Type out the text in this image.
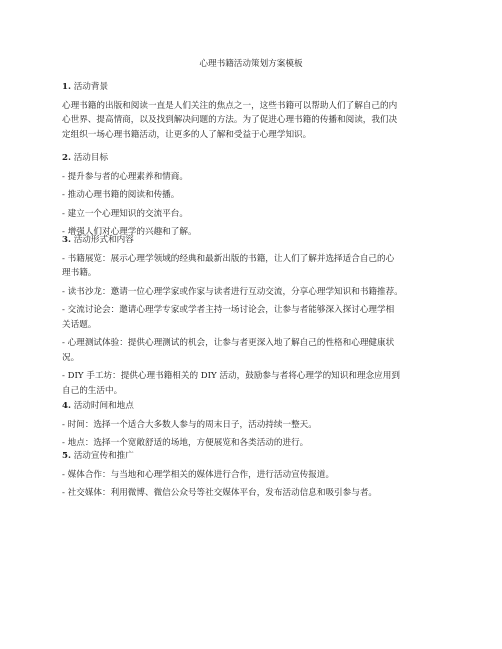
心理书籍活动策划方案模板
1. 活动背景
心理书籍的出版和阅读一直是人们关注的焦点之一，这些书籍可以帮助人们了解自己的内
心世界、提高情商，以及找到解决问题的方法。为了促进心理书籍的传播和阅读，我们决
定组织一场心理书籍活动，让更多的人了解和受益于心理学知识。
2. 活动目标
- 提升参与者的心理素养和情商。
- 推动心理书籍的阅读和传播。
- 建立一个心理知识的交流平台。
- 增强人们对心理学的兴趣和了解。
3. 活动形式和内容
- 书籍展览：展示心理学领域的经典和最新出版的书籍，让人们了解并选择适合自己的心
理书籍。
- 读书沙龙：邀请一位心理学家或作家与读者进行互动交流，分享心理学知识和书籍推荐。
- 交流讨论会：邀请心理学专家或学者主持一场讨论会，让参与者能够深入探讨心理学相
关话题。
- 心理测试体验：提供心理测试的机会，让参与者更深入地了解自己的性格和心理健康状
况。
- DIY 手工坊：提供心理书籍相关的 DIY 活动，鼓励参与者将心理学的知识和理念应用到
自己的生活中。
4. 活动时间和地点
- 时间：选择一个适合大多数人参与的周末日子，活动持续一整天。
- 地点：选择一个宽敞舒适的场地，方便展览和各类活动的进行。
5. 活动宣传和推广
- 媒体合作：与当地和心理学相关的媒体进行合作，进行活动宣传报道。
- 社交媒体：利用微博、微信公众号等社交媒体平台，发布活动信息和吸引参与者。
